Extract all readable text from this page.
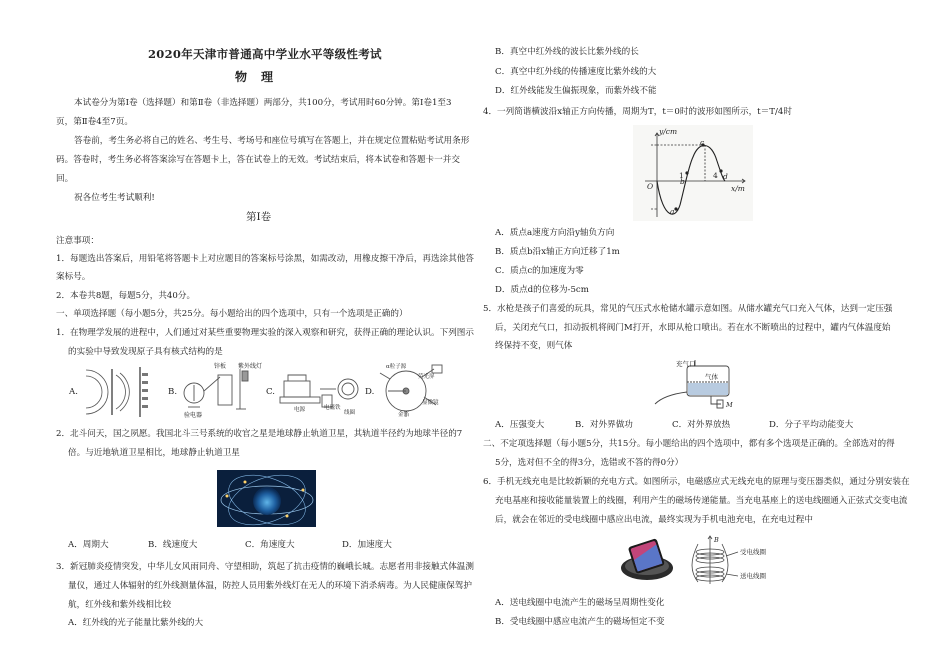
2020年天津市普通高中学业水平等级性考试
物理
本试卷分为第Ⅰ卷（选择题）和第Ⅱ卷（非选择题）两部分，共100分，考试用时60分钟。第Ⅰ卷1至3
页，第Ⅱ卷4至7页。
答卷前，考生务必将自己的姓名、考生号、考场号和座位号填写在答题上，并在规定位置粘贴考试用条形
码。答卷时，考生务必将答案涂写在答题卡上，答在试卷上的无效。考试结束后，将本试卷和答题卡一并交
回。
祝各位考生考试顺利!
第Ⅰ卷
注意事项：
1．每题选出答案后，用铅笔将答题卡上对应题目的答案标号涂黑，如需改动，用橡皮擦干净后，再选涂其他答
案标号。
2．本卷共8题，每题5分，共40分。
一、单项选择题（每小题5分，共25分。每小题给出的四个选项中，只有一个选项是正确的）
1．在物理学发展的进程中，人们通过对某些重要物理实验的深入观察和研究，获得正确的理论认识。下列图示
的实验中导致发现原子具有核式结构的是
A.	B.
锌板 紫外线灯
验电器
C.
电源	电磁铁
线圈
D.
α粒子源
荧光屏
显微镜
金箔
2．北斗问天，国之夙愿。我国北斗三号系统的收官之星是地球静止轨道卫星，其轨道半径约为地球半径的7
倍。与近地轨道卫星相比，地球静止轨道卫星
A．周期大	B．线速度大	C．角速度大	D．加速度大
3．新冠肺炎疫情突发，中华儿女风雨同舟、守望相助，筑起了抗击疫情的巍峨长城。志愿者用非接触式体温测
量仪，通过人体辐射的红外线测量体温，防控人员用紫外线灯在无人的环境下消杀病毒。为人民健康保驾护
航，红外线和紫外线相比较
A．红外线的光子能量比紫外线的大
B．真空中红外线的波长比紫外线的长
C．真空中红外线的传播速度比紫外线的大
D．红外线能发生偏振现象，而紫外线不能
4．一列简谐横波沿x轴正方向传播，周期为T，t＝0时的波形如图所示，t＝T/4时
y/cm
x/m
O
1	4
a
b
c
d
A．质点a速度方向沿y轴负方向
B．质点b沿x轴正方向迁移了1m
C．质点c的加速度为零
D．质点d的位移为-5cm
5．水枪是孩子们喜爱的玩具，常见的气压式水枪储水罐示意如图。从储水罐充气口充入气体，达到一定压强
后，关闭充气口，扣动扳机将阀门M打开，水即从枪口喷出。若在水不断喷出的过程中，罐内气体温度始
终保持不变，则气体
充气口
气体
M
A．压强变大	B．对外界做功	C．对外界放热	D．分子平均动能变大
二、不定项选择题（每小题5分，共15分。每小题给出的四个选项中，都有多个选项是正确的。全部选对的得
5分，选对但不全的得3分，选错或不答的得0分）
6．手机无线充电是比较新颖的充电方式。如图所示，电磁感应式无线充电的原理与变压器类似，通过分别安装在
充电基座和接收能量装置上的线圈，利用产生的磁场传递能量。当充电基座上的送电线圈通入正弦式交变电流
后，就会在邻近的受电线圈中感应出电流，最终实现为手机电池充电，在充电过程中
B
受电线圈
送电线圈
A．送电线圈中电流产生的磁场呈周期性变化
B．受电线圈中感应电流产生的磁场恒定不变
